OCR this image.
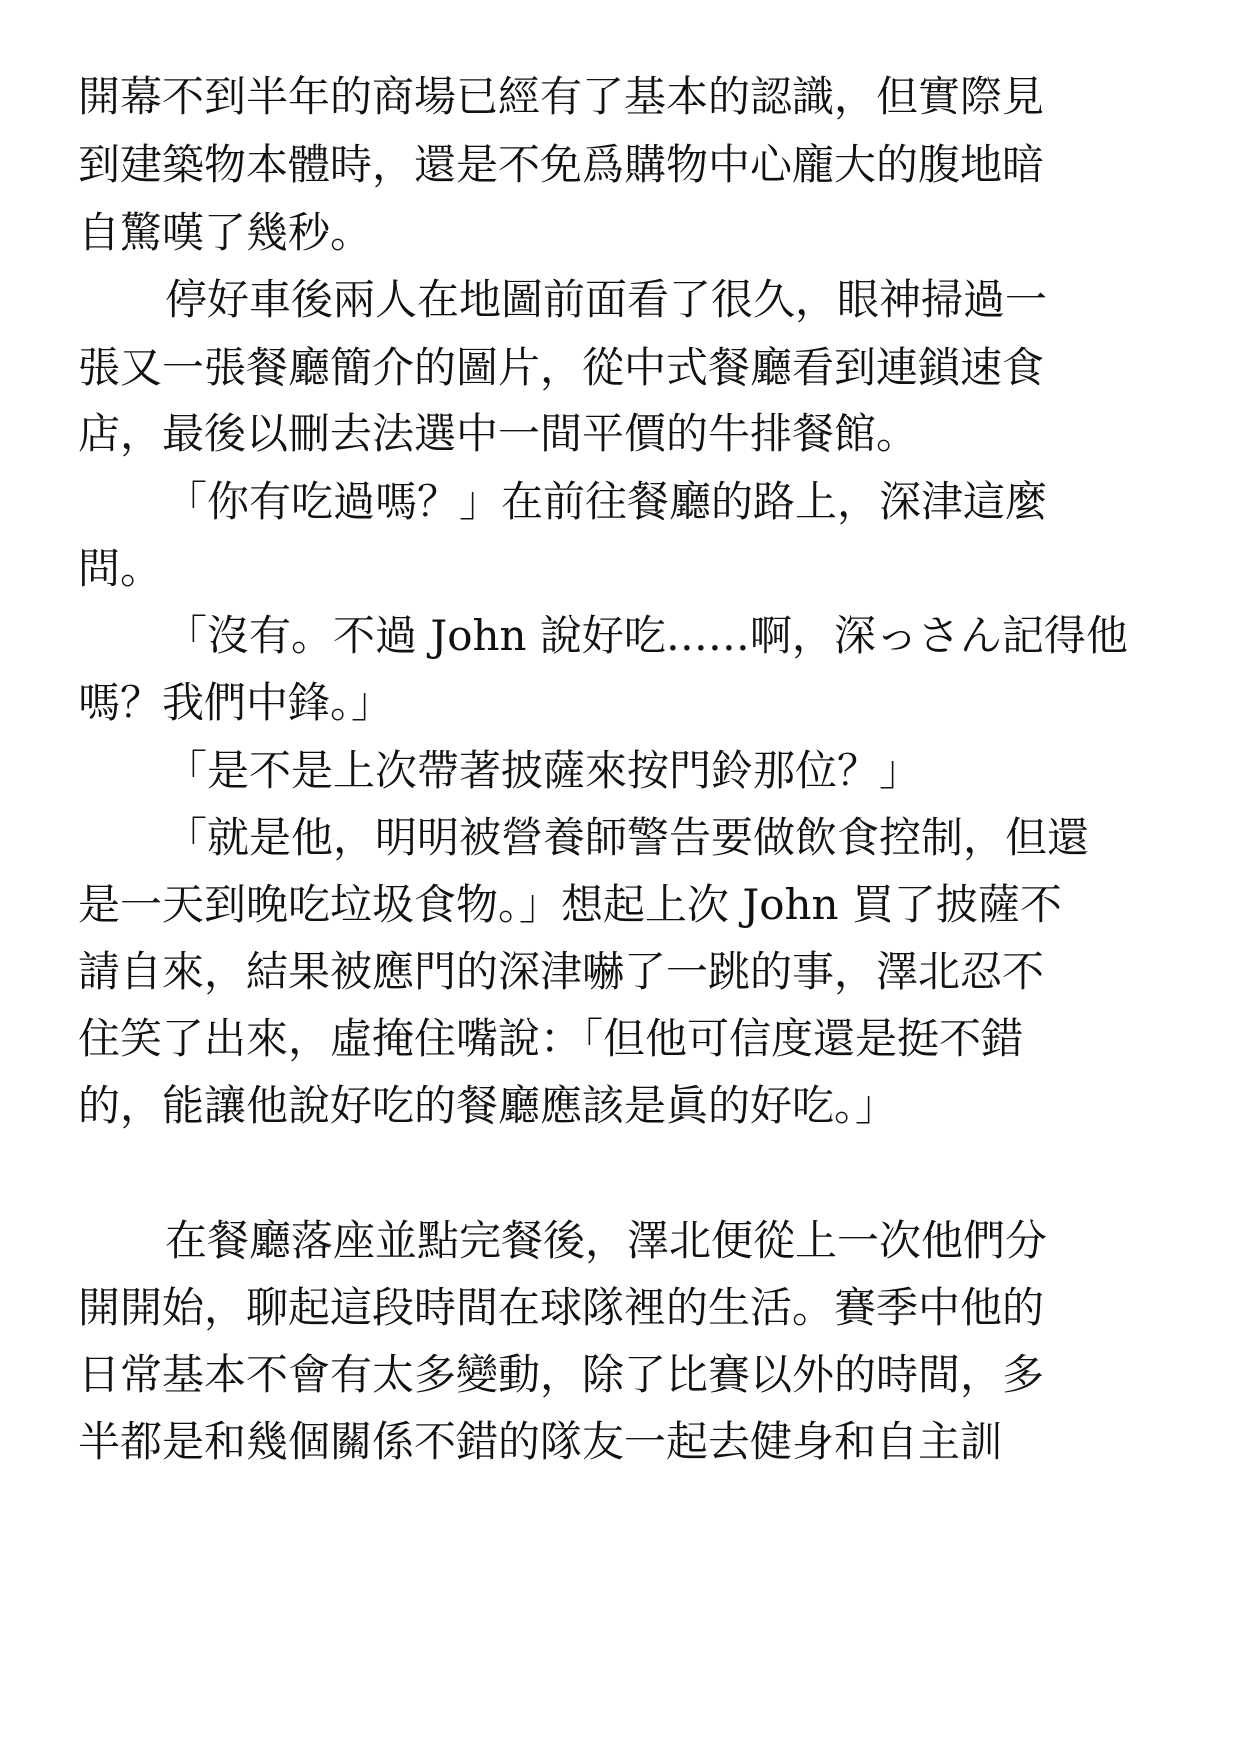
開幕不到半年的商場已經有了基本的認識，但實際見
到建築物本體時，還是不免爲購物中心龐大的腹地暗
自驚嘆了幾秒。
停好車後兩人在地圖前面看了很久，眼神掃過一
張又一張餐廳簡介的圖片，從中式餐廳看到連鎖速食
店，最後以刪去法選中一間平價的牛排餐館。
「你有吃過嗎？」在前往餐廳的路上，深津這麼
問。
「沒有。不過 John 說好吃……啊，深っさん記得他
嗎？我們中鋒。」
「是不是上次帶著披薩來按門鈴那位？」
「就是他，明明被營養師警告要做飲食控制，但還
是一天到晚吃垃圾食物。」想起上次 John 買了披薩不
請自來，結果被應門的深津嚇了一跳的事，澤北忍不
住笑了出來，虛掩住嘴說：「但他可信度還是挺不錯
的，能讓他說好吃的餐廳應該是眞的好吃。」
在餐廳落座並點完餐後，澤北便從上一次他們分
開開始，聊起這段時間在球隊裡的生活。賽季中他的
日常基本不會有太多變動，除了比賽以外的時間，多
半都是和幾個關係不錯的隊友一起去健身和自主訓
